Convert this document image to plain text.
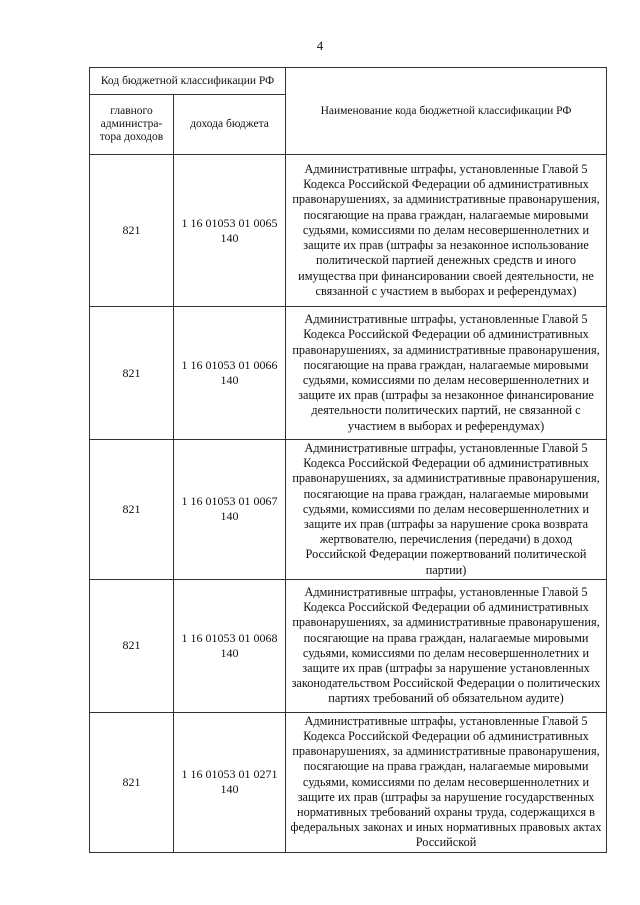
4
Код бюджетной классификации РФ		Наименование кода бюджетной классификации РФ
главного администра-тора доходов	дохода бюджета	
821	1 16 01053 01 0065 140	Административные штрафы, установленные Главой 5 Кодекса Российской Федерации об административных правонарушениях, за административные правонарушения, посягающие на права граждан, налагаемые мировыми судьями, комиссиями по делам несовершеннолетних и защите их прав (штрафы за незаконное использование политической партией денежных средств и иного имущества при финансировании своей деятельности, не связанной с участием в выборах и референдумах)
821	1 16 01053 01 0066 140	Административные штрафы, установленные Главой 5 Кодекса Российской Федерации об административных правонарушениях, за административные правонарушения, посягающие на права граждан, налагаемые мировыми судьями, комиссиями по делам несовершеннолетних и защите их прав (штрафы за незаконное финансирование деятельности политических партий, не связанной с участием в выборах и референдумах)
821	1 16 01053 01 0067 140	Административные штрафы, установленные Главой 5 Кодекса Российской Федерации об административных правонарушениях, за административные правонарушения, посягающие на права граждан, налагаемые мировыми судьями, комиссиями по делам несовершеннолетних и защите их прав (штрафы за нарушение срока возврата жертвователю, перечисления (передачи) в доход Российской Федерации пожертвований политической партии)
821	1 16 01053 01 0068 140	Административные штрафы, установленные Главой 5 Кодекса Российской Федерации об административных правонарушениях, за административные правонарушения, посягающие на права граждан, налагаемые мировыми судьями, комиссиями по делам несовершеннолетних и защите их прав (штрафы за нарушение установленных законодательством Российской Федерации о политических партиях требований об обязательном аудите)
821	1 16 01053 01 0271 140	Административные штрафы, установленные Главой 5 Кодекса Российской Федерации об административных правонарушениях, за административные правонарушения, посягающие на права граждан, налагаемые мировыми судьями, комиссиями по делам несовершеннолетних и защите их прав (штрафы за нарушение государственных нормативных требований охраны труда, содержащихся в федеральных законах и иных нормативных правовых актах Российской
